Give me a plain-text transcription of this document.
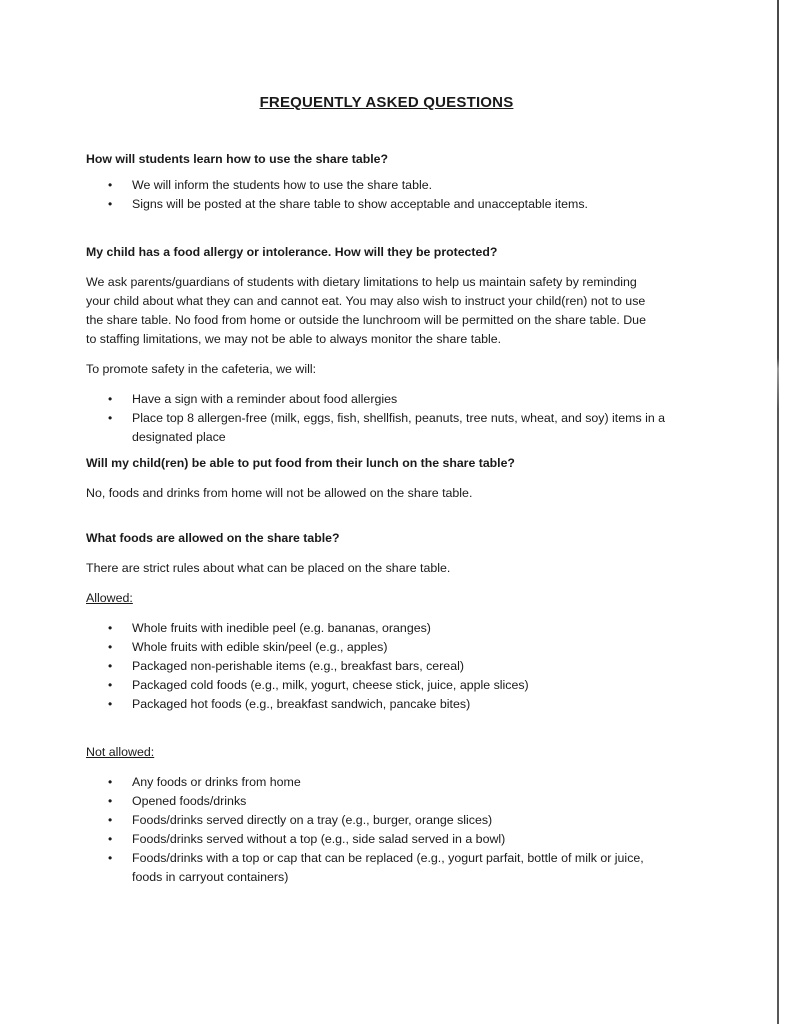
FREQUENTLY ASKED QUESTIONS

How will students learn how to use the share table?

• We will inform the students how to use the share table.
• Signs will be posted at the share table to show acceptable and unacceptable items.

My child has a food allergy or intolerance. How will they be protected?

We ask parents/guardians of students with dietary limitations to help us maintain safety by reminding

your child about what they can and cannot eat. You may also wish to instruct your child(ren) not to use

the share table. No food from home or outside the lunchroom will be permitted on the share table. Due

to staffing limitations, we may not be able to always monitor the share table.

To promote safety in the cafeteria, we will:

• Have a sign with a reminder about food allergies
• Place top 8 allergen-free (milk, eggs, fish, shellfish, peanuts, tree nuts, wheat, and soy) items in a
designated place

Will my child(ren) be able to put food from their lunch on the share table?

No, foods and drinks from home will not be allowed on the share table.

What foods are allowed on the share table?

There are strict rules about what can be placed on the share table.

Allowed:

• Whole fruits with inedible peel (e.g. bananas, oranges)
• Whole fruits with edible skin/peel (e.g., apples)
• Packaged non-perishable items (e.g., breakfast bars, cereal)
• Packaged cold foods (e.g., milk, yogurt, cheese stick, juice, apple slices)
• Packaged hot foods (e.g., breakfast sandwich, pancake bites)

Not allowed:

• Any foods or drinks from home
• Opened foods/drinks
• Foods/drinks served directly on a tray (e.g., burger, orange slices)
• Foods/drinks served without a top (e.g., side salad served in a bowl)
• Foods/drinks with a top or cap that can be replaced (e.g., yogurt parfait, bottle of milk or juice,
foods in carryout containers)
